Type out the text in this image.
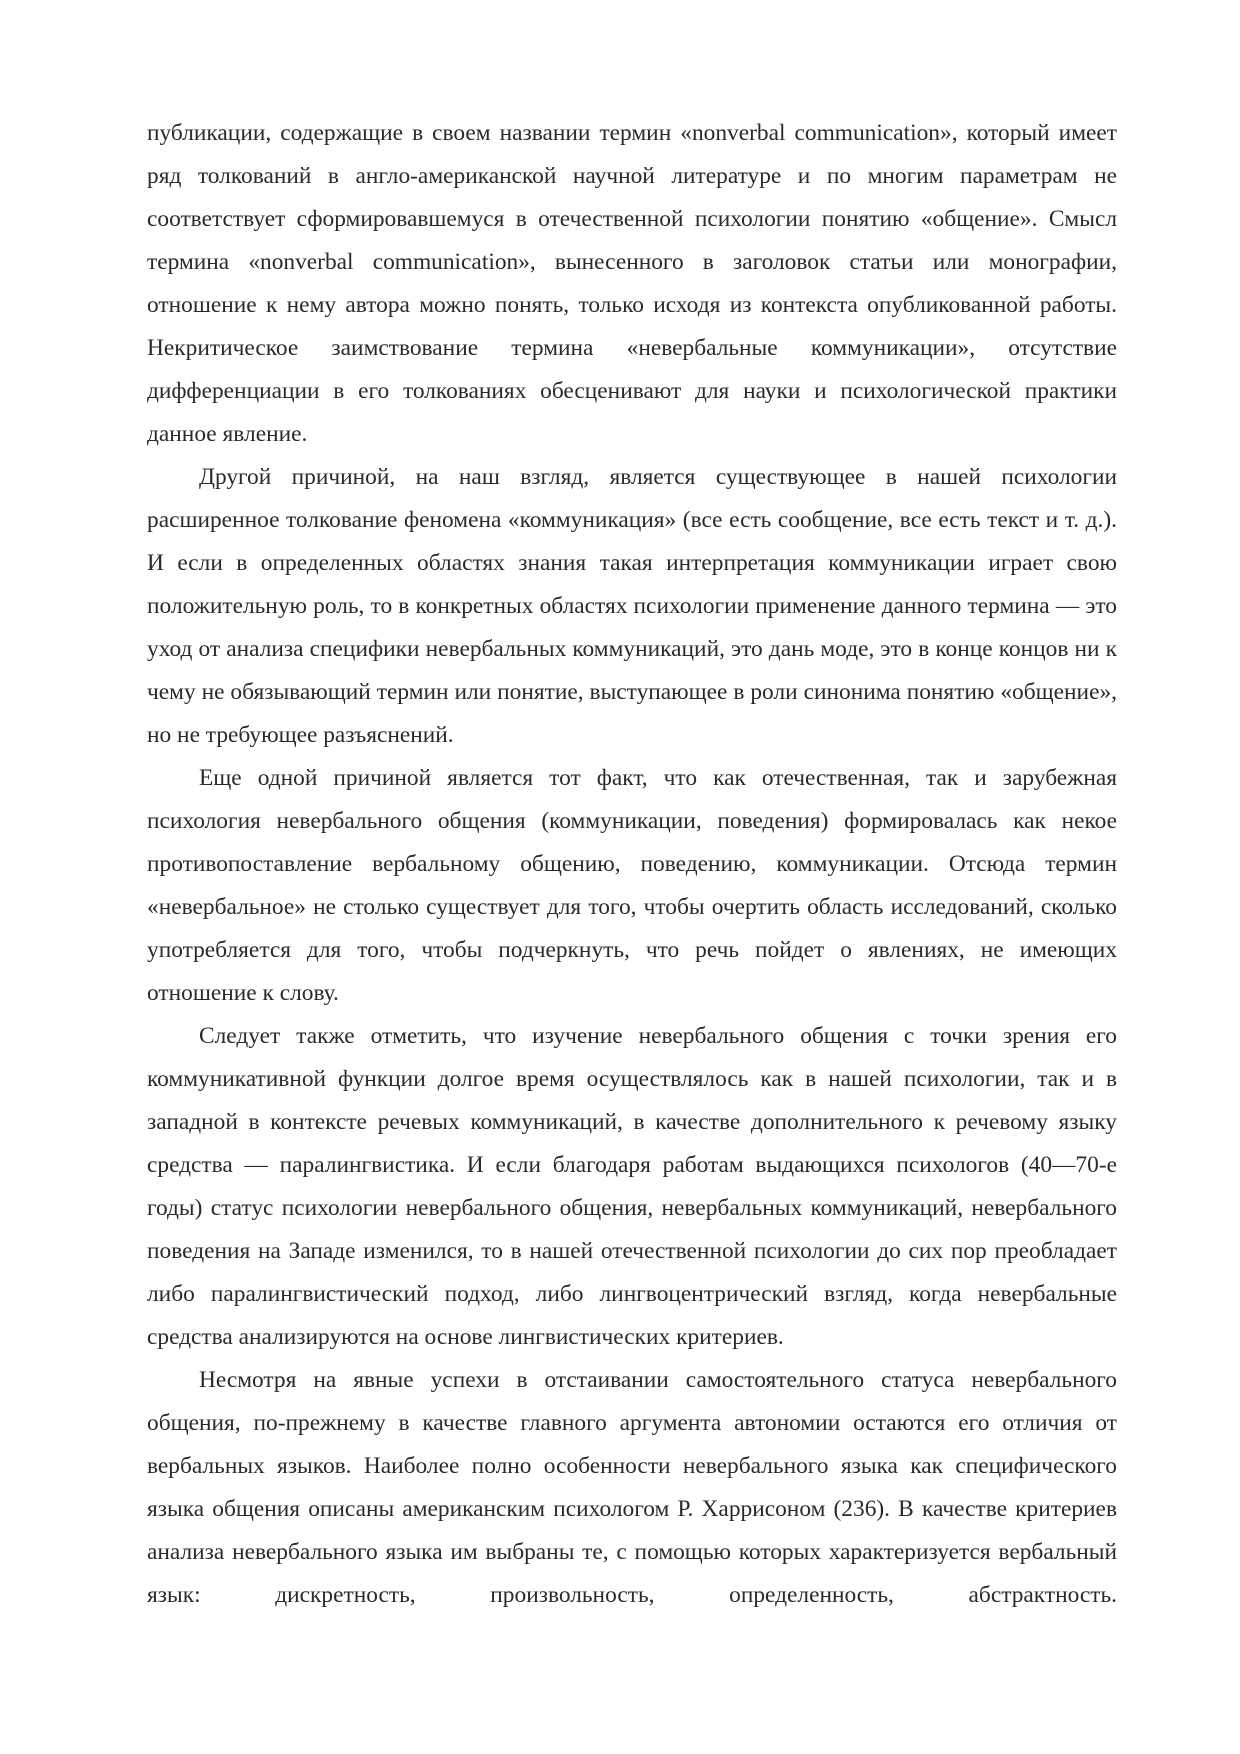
публикации, содержащие в своем названии термин «nonverbal communication», который имеет ряд толкований в англо-американской научной литературе и по многим параметрам не соответствует сформировавшемуся в отечественной психологии понятию «общение». Смысл термина «nonverbal communication», вынесенного в заголовок статьи или монографии, отношение к нему автора можно понять, только исходя из контекста опубликованной работы. Некритическое заимствование термина «невербальные коммуникации», отсутствие дифференциации в его толкованиях обесценивают для науки и психологической практики данное явление.

Другой причиной, на наш взгляд, является существующее в нашей психологии расширенное толкование феномена «коммуникация» (все есть сообщение, все есть текст и т. д.). И если в определенных областях знания такая интерпретация коммуникации играет свою положительную роль, то в конкретных областях психологии применение данного термина — это уход от анализа специфики невербальных коммуникаций, это дань моде, это в конце концов ни к чему не обязывающий термин или понятие, выступающее в роли синонима понятию «общение», но не требующее разъяснений.

Еще одной причиной является тот факт, что как отечественная, так и зарубежная психология невербального общения (коммуникации, поведения) формировалась как некое противопоставление вербальному общению, поведению, коммуникации. Отсюда термин «невербальное» не столько существует для того, чтобы очертить область исследований, сколько употребляется для того, чтобы подчеркнуть, что речь пойдет о явлениях, не имеющих отношение к слову.

Следует также отметить, что изучение невербального общения с точки зрения его коммуникативной функции долгое время осуществлялось как в нашей психологии, так и в западной в контексте речевых коммуникаций, в качестве дополнительного к речевому языку средства — паралингвистика. И если благодаря работам выдающихся психологов (40—70-е годы) статус психологии невербального общения, невербальных коммуникаций, невербального поведения на Западе изменился, то в нашей отечественной психологии до сих пор преобладает либо паралингвистический подход, либо лингвоцентрический взгляд, когда невербальные средства анализируются на основе лингвистических критериев.

Несмотря на явные успехи в отстаивании самостоятельного статуса невербального общения, по-прежнему в качестве главного аргумента автономии остаются его отличия от вербальных языков. Наиболее полно особенности невербального языка как специфического языка общения описаны американским психологом Р. Харрисоном (236). В качестве критериев анализа невербального языка им выбраны те, с помощью которых характеризуется вербальный язык: дискретность, произвольность, определенность, абстрактность.
